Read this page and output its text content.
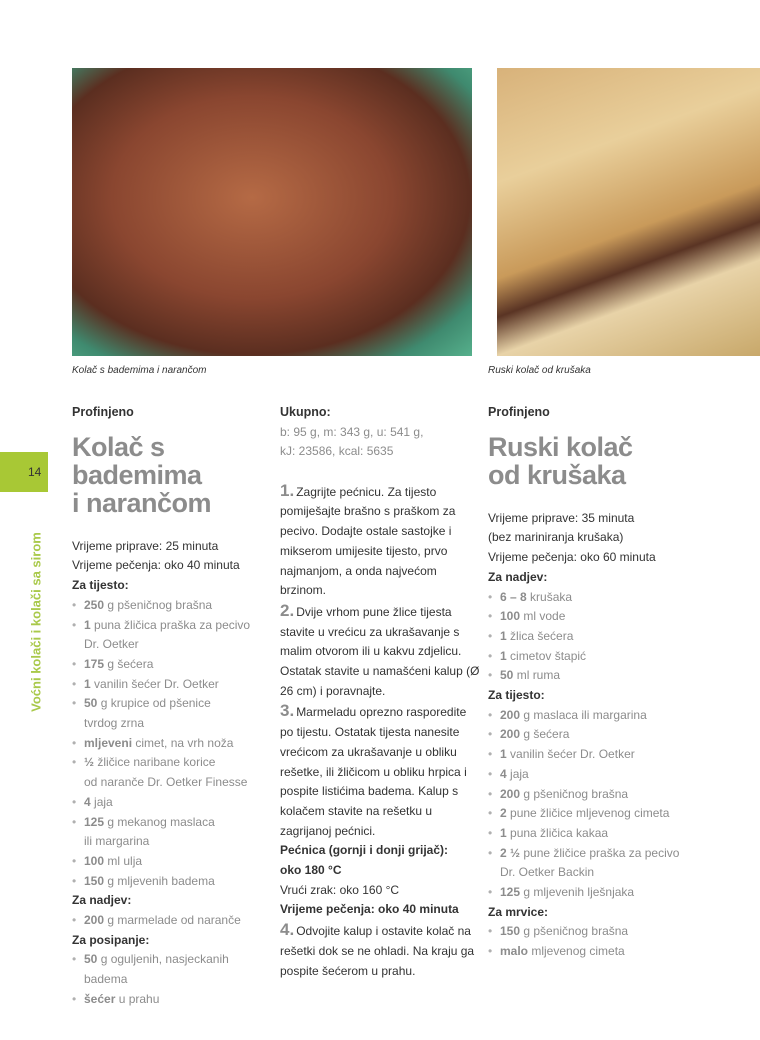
Kolač s bademima i narančom	Ruski kolač od krušaka
14
Voćni kolači i kolači sa sirom

Profinjeno

Kolač s bademima
i narančom

Vrijeme priprave: 25 minuta

Vrijeme pečenja: oko 40 minuta

Za tijesto:

• 250 g pšeničnog brašna
• 1 puna žličica praška za pecivo
Dr. Oetker
• 175 g šećera
• 1 vanilin šećer Dr. Oetker
• 50 g krupice od pšenice
tvrdog zrna
• mljeveni cimet, na vrh noža
• ½ žličice naribane korice
od naranče Dr. Oetker Finesse
• 4 jaja
• 125 g mekanog maslaca
ili margarina
• 100 ml ulja
• 150 g mljevenih badema

Za nadjev:

• 200 g marmelade od naranče

Za posipanje:

• 50 g oguljenih, nasjeckanih
badema
• šećer u prahu

Ukupno:

b: 95 g, m: 343 g, u: 541 g,
kJ: 23586, kcal: 5635

1. Zagrijte pećnicu. Za tijesto pomiješajte brašno s praškom za pecivo. Dodajte ostale sastojke i mikserom umijesite tijesto, prvo najmanjom, a onda najvećom brzinom.

2. Dvije vrhom pune žlice tijesta stavite u vrećicu za ukrašavanje s malim otvorom ili u kakvu zdjelicu. Ostatak stavite u namašćeni kalup (Ø 26 cm) i poravnajte.

3. Marmeladu oprezno rasporedite po tijestu. Ostatak tijesta nanesite vrećicom za ukrašavanje u obliku rešetke, ili žličicom u obliku hrpica i pospite listićima badema. Kalup s kolačem stavite na rešetku u zagrijanoj pećnici.

Pećnica (gornji i donji grijač):

oko 180 °C

Vrući zrak: oko 160 °C

Vrijeme pečenja: oko 40 minuta

4. Odvojite kalup i ostavite kolač na rešetki dok se ne ohladi. Na kraju ga pospite šećerom u prahu.

Profinjeno

Ruski kolač
od krušaka

Vrijeme priprave: 35 minuta

(bez mariniranja krušaka)

Vrijeme pečenja: oko 60 minuta

Za nadjev:

• 6 – 8 krušaka
• 100 ml vode
• 1 žlica šećera
• 1 cimetov štapić
• 50 ml ruma

Za tijesto:

• 200 g maslaca ili margarina
• 200 g šećera
• 1 vanilin šećer Dr. Oetker
• 4 jaja
• 200 g pšeničnog brašna
• 2 pune žličice mljevenog cimeta
• 1 puna žličica kakaa
• 2 ½ pune žličice praška za pecivo
Dr. Oetker Backin
• 125 g mljevenih lješnjaka

Za mrvice:

• 150 g pšeničnog brašna
• malo mljevenog cimeta
